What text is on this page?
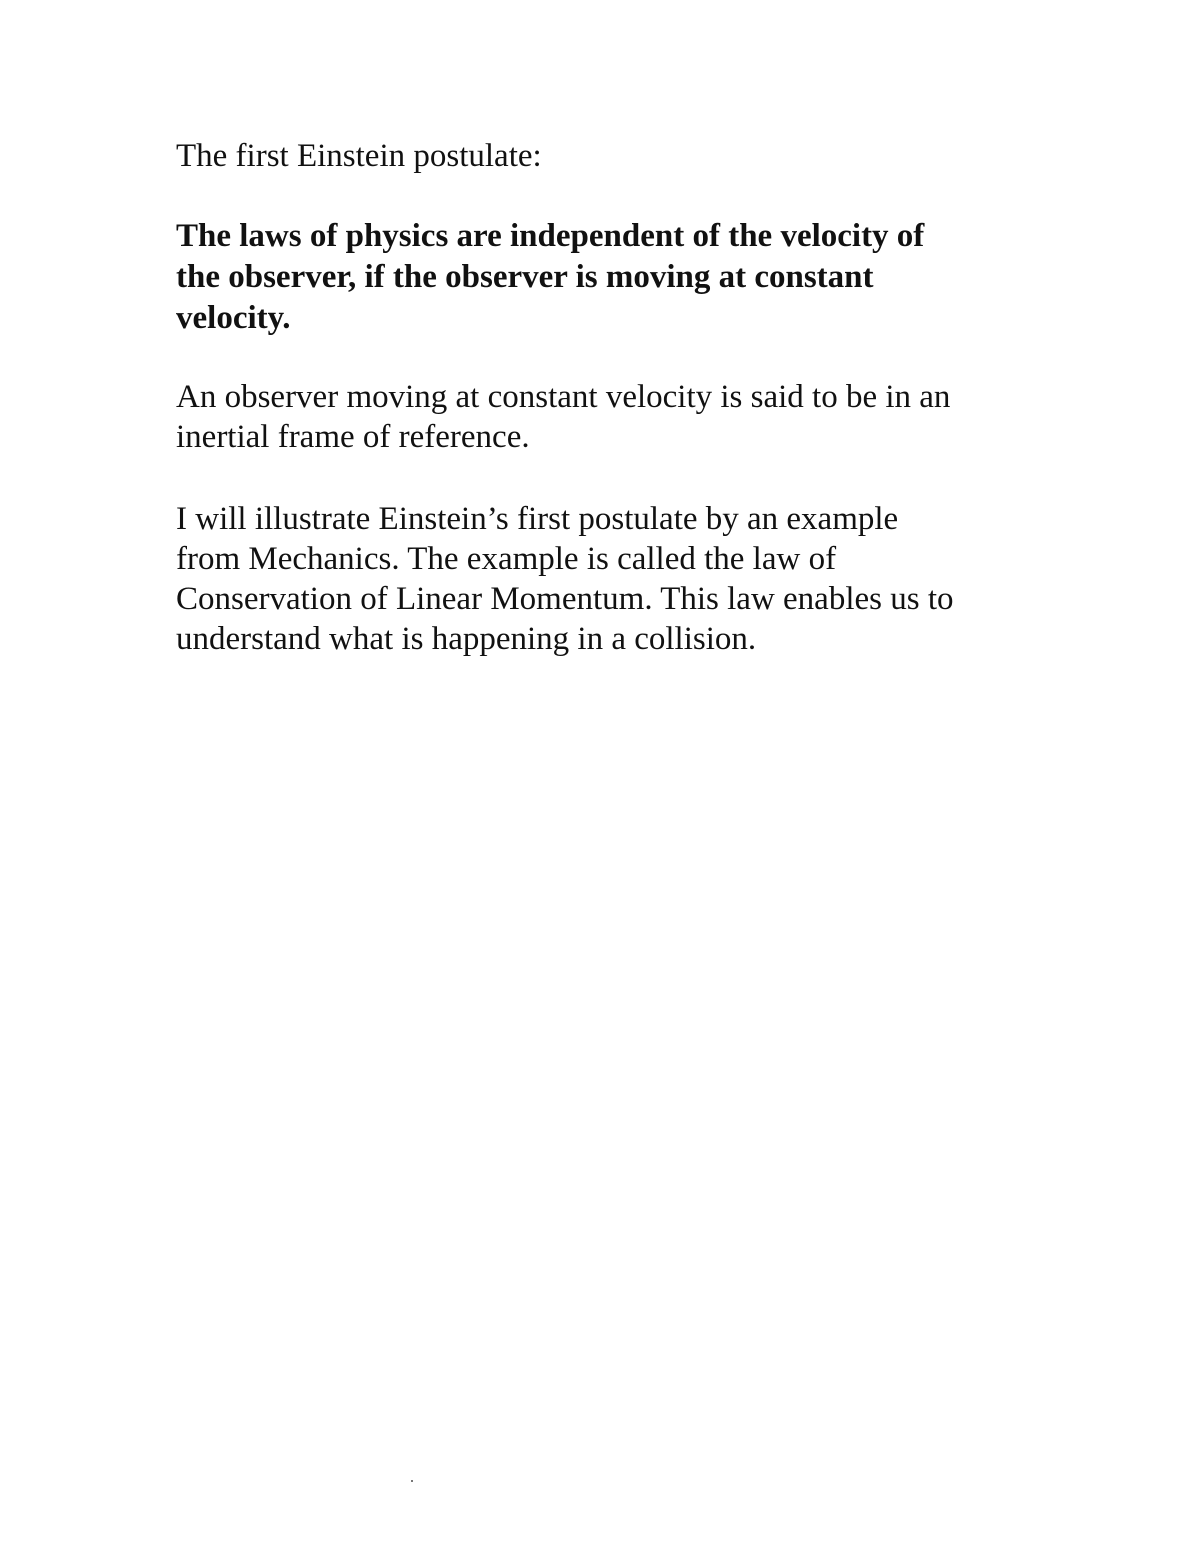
The first Einstein postulate:

The laws of physics are independent of the velocity of
the observer, if the observer is moving at constant
velocity.

An observer moving at constant velocity is said to be in an
inertial frame of reference.

I will illustrate Einstein’s first postulate by an example
from Mechanics. The example is called the law of
Conservation of Linear Momentum. This law enables us to
understand what is happening in a collision.
